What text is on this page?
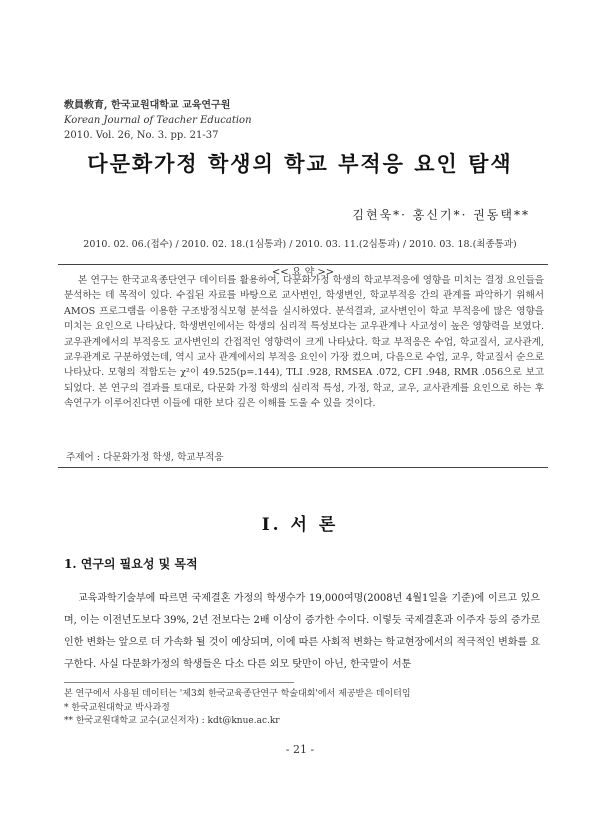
敎員敎育, 한국교원대학교 교육연구원
Korean Journal of Teacher Education
2010. Vol. 26, No. 3. pp. 21-37
다문화가정 학생의 학교 부적응 요인 탐색
김현욱*· 홍신기*· 권동택**
2010. 02. 06.(접수) / 2010. 02. 18.(1심통과) / 2010. 03. 11.(2심통과) / 2010. 03. 18.(최종통과)
<< 요 약 >>
본 연구는 한국교육종단연구 데이터를 활용하여, 다문화가정 학생의 학교부적응에 영향을 미치는 결정 요인들을 분석하는 데 목적이 있다. 수집된 자료를 바탕으로 교사변인, 학생변인, 학교부적응 간의 관계를 파악하기 위해서 AMOS 프로그램을 이용한 구조방정식모형 분석을 실시하였다. 분석결과, 교사변인이 학교 부적응에 많은 영향을 미치는 요인으로 나타났다. 학생변인에서는 학생의 심리적 특성보다는 교우관계나 사교성이 높은 영향력을 보였다. 교우관계에서의 부적응도 교사변인의 간접적인 영향력이 크게 나타났다. 학교 부적응은 수업, 학교질서, 교사관계, 교우관계로 구분하였는데, 역시 교사 관계에서의 부적응 요인이 가장 컸으며, 다음으로 수업, 교우, 학교질서 순으로 나타났다. 모형의 적합도는 χ²이 49.525(p=.144), TLI .928, RMSEA .072, CFI .948, RMR .056으로 보고되었다. 본 연구의 결과를 토대로, 다문화 가정 학생의 심리적 특성, 가정, 학교, 교우, 교사관계를 요인으로 하는 후속연구가 이루어진다면 이들에 대한 보다 깊은 이해를 도울 수 있을 것이다.
주제어 : 다문화가정 학생, 학교부적응
Ⅰ. 서 론
1. 연구의 필요성 및 목적
교육과학기술부에 따르면 국제결혼 가정의 학생수가 19,000여명(2008년 4월1일을 기준)에 이르고 있으며, 이는 이전년도보다 39%, 2년 전보다는 2배 이상이 증가한 수이다. 이렇듯 국제결혼과 이주자 등의 증가로 인한 변화는 앞으로 더 가속화 될 것이 예상되며, 이에 따른 사회적 변화는 학교현장에서의 적극적인 변화를 요구한다. 사실 다문화가정의 학생들은 다소 다른 외모 탓만이 아닌, 한국말이 서툰
본 연구에서 사용된 데이터는 '제3회 한국교육종단연구 학술대회'에서 제공받은 데이터임
* 한국교원대학교 박사과정
** 한국교원대학교 교수(교신저자) : kdt@knue.ac.kr
- 21 -
